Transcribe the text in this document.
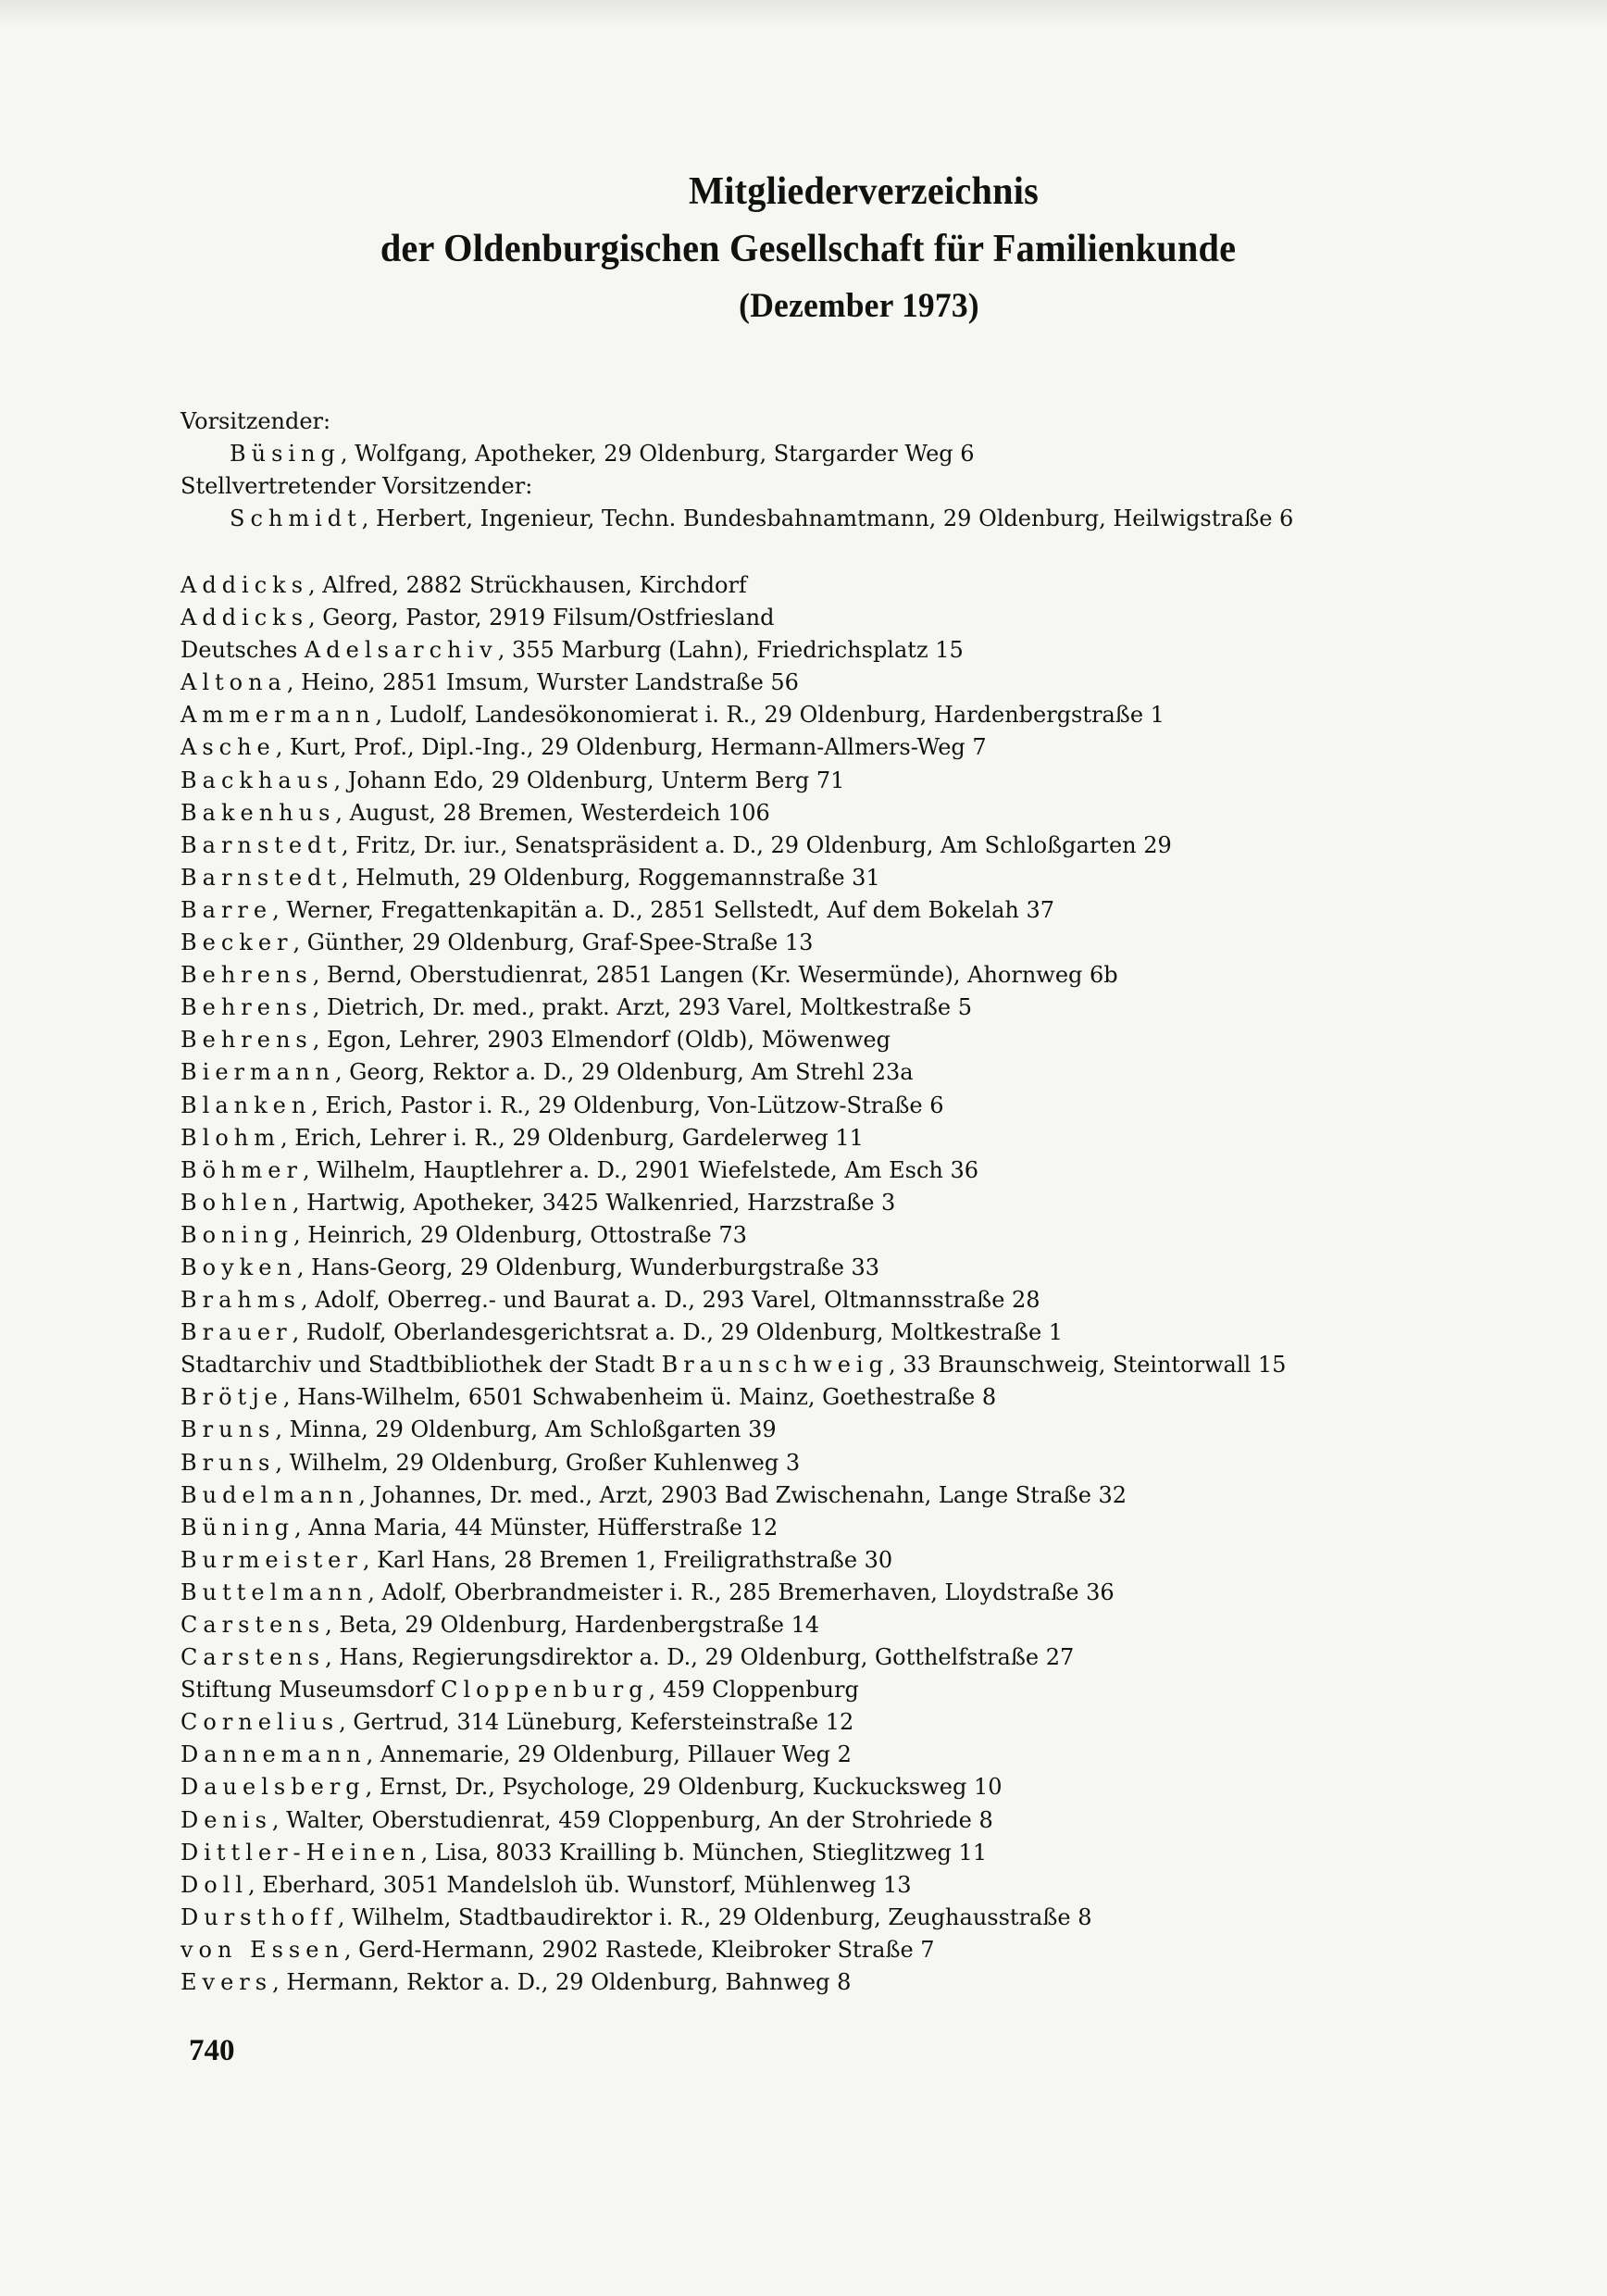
Mitgliederverzeichnis
der Oldenburgischen Gesellschaft für Familienkunde
(Dezember 1973)
Vorsitzender:
Büsing, Wolfgang, Apotheker, 29 Oldenburg, Stargarder Weg 6
Stellvertretender Vorsitzender:
Schmidt, Herbert, Ingenieur, Techn. Bundesbahnamtmann, 29 Oldenburg, Heilwigstraße 6
Addicks, Alfred, 2882 Strückhausen, Kirchdorf
Addicks, Georg, Pastor, 2919 Filsum/Ostfriesland
Deutsches Adelsarchiv, 355 Marburg (Lahn), Friedrichsplatz 15
Altona, Heino, 2851 Imsum, Wurster Landstraße 56
Ammermann, Ludolf, Landesökonomierat i. R., 29 Oldenburg, Hardenbergstraße 1
Asche, Kurt, Prof., Dipl.-Ing., 29 Oldenburg, Hermann-Allmers-Weg 7
Backhaus, Johann Edo, 29 Oldenburg, Unterm Berg 71
Bakenhus, August, 28 Bremen, Westerdeich 106
Barnstedt, Fritz, Dr. iur., Senatspräsident a. D., 29 Oldenburg, Am Schloßgarten 29
Barnstedt, Helmuth, 29 Oldenburg, Roggemannstraße 31
Barre, Werner, Fregattenkapitän a. D., 2851 Sellstedt, Auf dem Bokelah 37
Becker, Günther, 29 Oldenburg, Graf-Spee-Straße 13
Behrens, Bernd, Oberstudienrat, 2851 Langen (Kr. Wesermünde), Ahornweg 6b
Behrens, Dietrich, Dr. med., prakt. Arzt, 293 Varel, Moltkestraße 5
Behrens, Egon, Lehrer, 2903 Elmendorf (Oldb), Möwenweg
Biermann, Georg, Rektor a. D., 29 Oldenburg, Am Strehl 23a
Blanken, Erich, Pastor i. R., 29 Oldenburg, Von-Lützow-Straße 6
Blohm, Erich, Lehrer i. R., 29 Oldenburg, Gardelerweg 11
Böhmer, Wilhelm, Hauptlehrer a. D., 2901 Wiefelstede, Am Esch 36
Bohlen, Hartwig, Apotheker, 3425 Walkenried, Harzstraße 3
Boning, Heinrich, 29 Oldenburg, Ottostraße 73
Boyken, Hans-Georg, 29 Oldenburg, Wunderburgstraße 33
Brahms, Adolf, Oberreg.- und Baurat a. D., 293 Varel, Oltmannsstraße 28
Brauer, Rudolf, Oberlandesgerichtsrat a. D., 29 Oldenburg, Moltkestraße 1
Stadtarchiv und Stadtbibliothek der Stadt Braunschweig, 33 Braunschweig, Steintorwall 15
Brötje, Hans-Wilhelm, 6501 Schwabenheim ü. Mainz, Goethestraße 8
Bruns, Minna, 29 Oldenburg, Am Schloßgarten 39
Bruns, Wilhelm, 29 Oldenburg, Großer Kuhlenweg 3
Budelmann, Johannes, Dr. med., Arzt, 2903 Bad Zwischenahn, Lange Straße 32
Büning, Anna Maria, 44 Münster, Hüfferstraße 12
Burmeister, Karl Hans, 28 Bremen 1, Freiligrathstraße 30
Buttelmann, Adolf, Oberbrandmeister i. R., 285 Bremerhaven, Lloydstraße 36
Carstens, Beta, 29 Oldenburg, Hardenbergstraße 14
Carstens, Hans, Regierungsdirektor a. D., 29 Oldenburg, Gotthelfstraße 27
Stiftung Museumsdorf Cloppenburg, 459 Cloppenburg
Cornelius, Gertrud, 314 Lüneburg, Kefersteinstraße 12
Dannemann, Annemarie, 29 Oldenburg, Pillauer Weg 2
Dauelsberg, Ernst, Dr., Psychologe, 29 Oldenburg, Kuckucksweg 10
Denis, Walter, Oberstudienrat, 459 Cloppenburg, An der Strohriede 8
Dittler-Heinen, Lisa, 8033 Krailling b. München, Stieglitzweg 11
Doll, Eberhard, 3051 Mandelsloh üb. Wunstorf, Mühlenweg 13
Dursthoff, Wilhelm, Stadtbaudirektor i. R., 29 Oldenburg, Zeughausstraße 8
von Essen, Gerd-Hermann, 2902 Rastede, Kleibroker Straße 7
Evers, Hermann, Rektor a. D., 29 Oldenburg, Bahnweg 8
740
